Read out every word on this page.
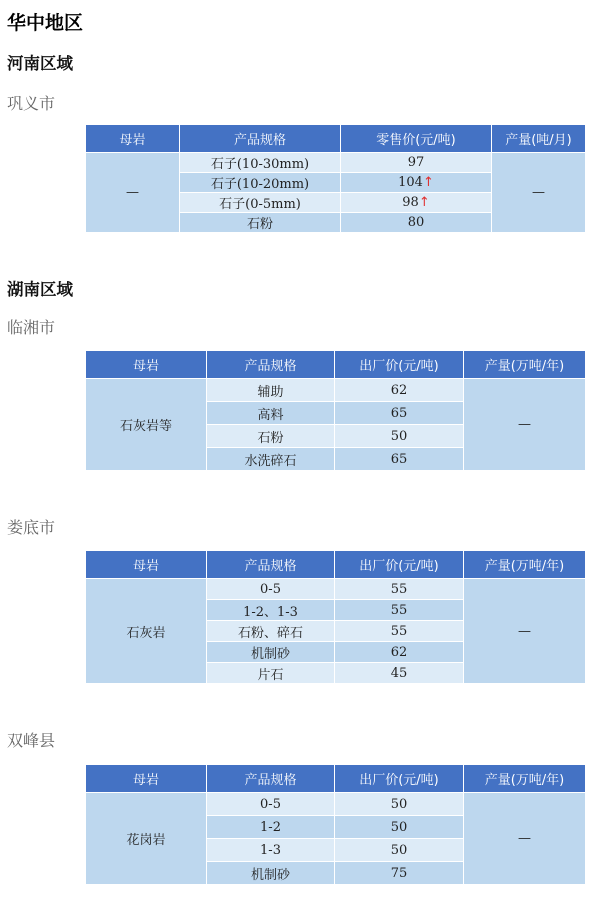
华中地区
河南区域
巩义市
母岩	产品规格	零售价(元/吨)	产量(吨/月)
—	石子(10-30mm)	97	—
	石子(10-20mm)	104↑	
	石子(0-5mm)	98↑	
	石粉	80	
湖南区域
临湘市
母岩	产品规格	出厂价(元/吨)	产量(万吨/年)
石灰岩等	辅助	62	—
	高料	65	
	石粉	50	
	水洗碎石	65	
娄底市
母岩	产品规格	出厂价(元/吨)	产量(万吨/年)
石灰岩	0-5	55	—
	1-2、1-3	55	
	石粉、碎石	55	
	机制砂	62	
	片石	45	
双峰县
母岩	产品规格	出厂价(元/吨)	产量(万吨/年)
花岗岩	0-5	50	—
	1-2	50	
	1-3	50	
	机制砂	75	
